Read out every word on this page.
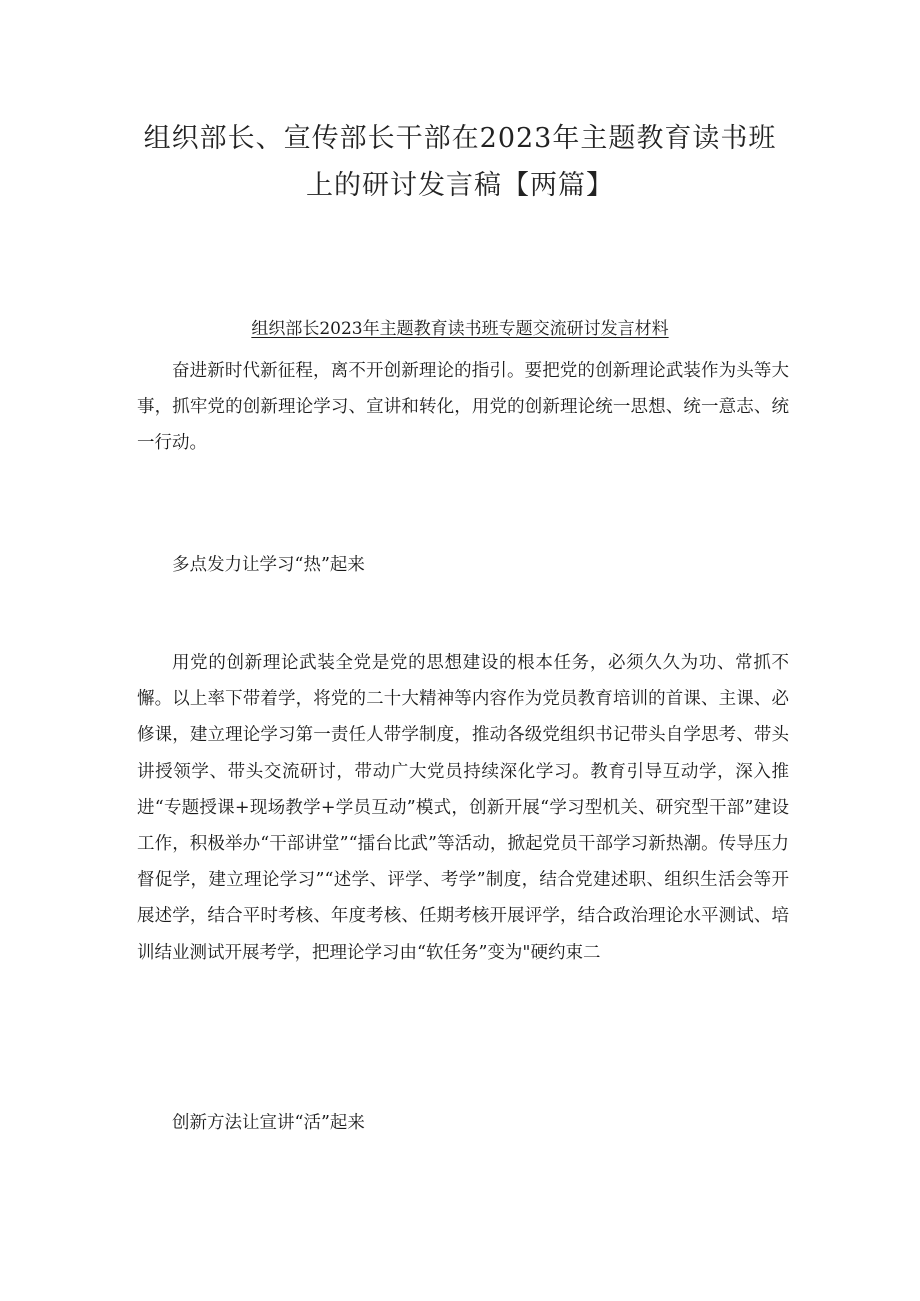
组织部长、宣传部长干部在2023年主题教育读书班
上的研讨发言稿【两篇】
组织部长2023年主题教育读书班专题交流研讨发言材料
奋进新时代新征程，离不开创新理论的指引。要把党的创新理论武装作为头等大事，抓牢党的创新理论学习、宣讲和转化，用党的创新理论统一思想、统一意志、统一行动。
多点发力让学习“热”起来
用党的创新理论武装全党是党的思想建设的根本任务，必须久久为功、常抓不懈。以上率下带着学，将党的二十大精神等内容作为党员教育培训的首课、主课、必修课，建立理论学习第一责任人带学制度，推动各级党组织书记带头自学思考、带头讲授领学、带头交流研讨，带动广大党员持续深化学习。教育引导互动学，深入推进“专题授课+现场教学+学员互动”模式，创新开展“学习型机关、研究型干部”建设工作，积极举办“干部讲堂”“擂台比武”等活动，掀起党员干部学习新热潮。传导压力督促学，建立理论学习”“述学、评学、考学”制度，结合党建述职、组织生活会等开展述学，结合平时考核、年度考核、任期考核开展评学，结合政治理论水平测试、培训结业测试开展考学，把理论学习由“软任务”变为"硬约束二
创新方法让宣讲“活”起来
